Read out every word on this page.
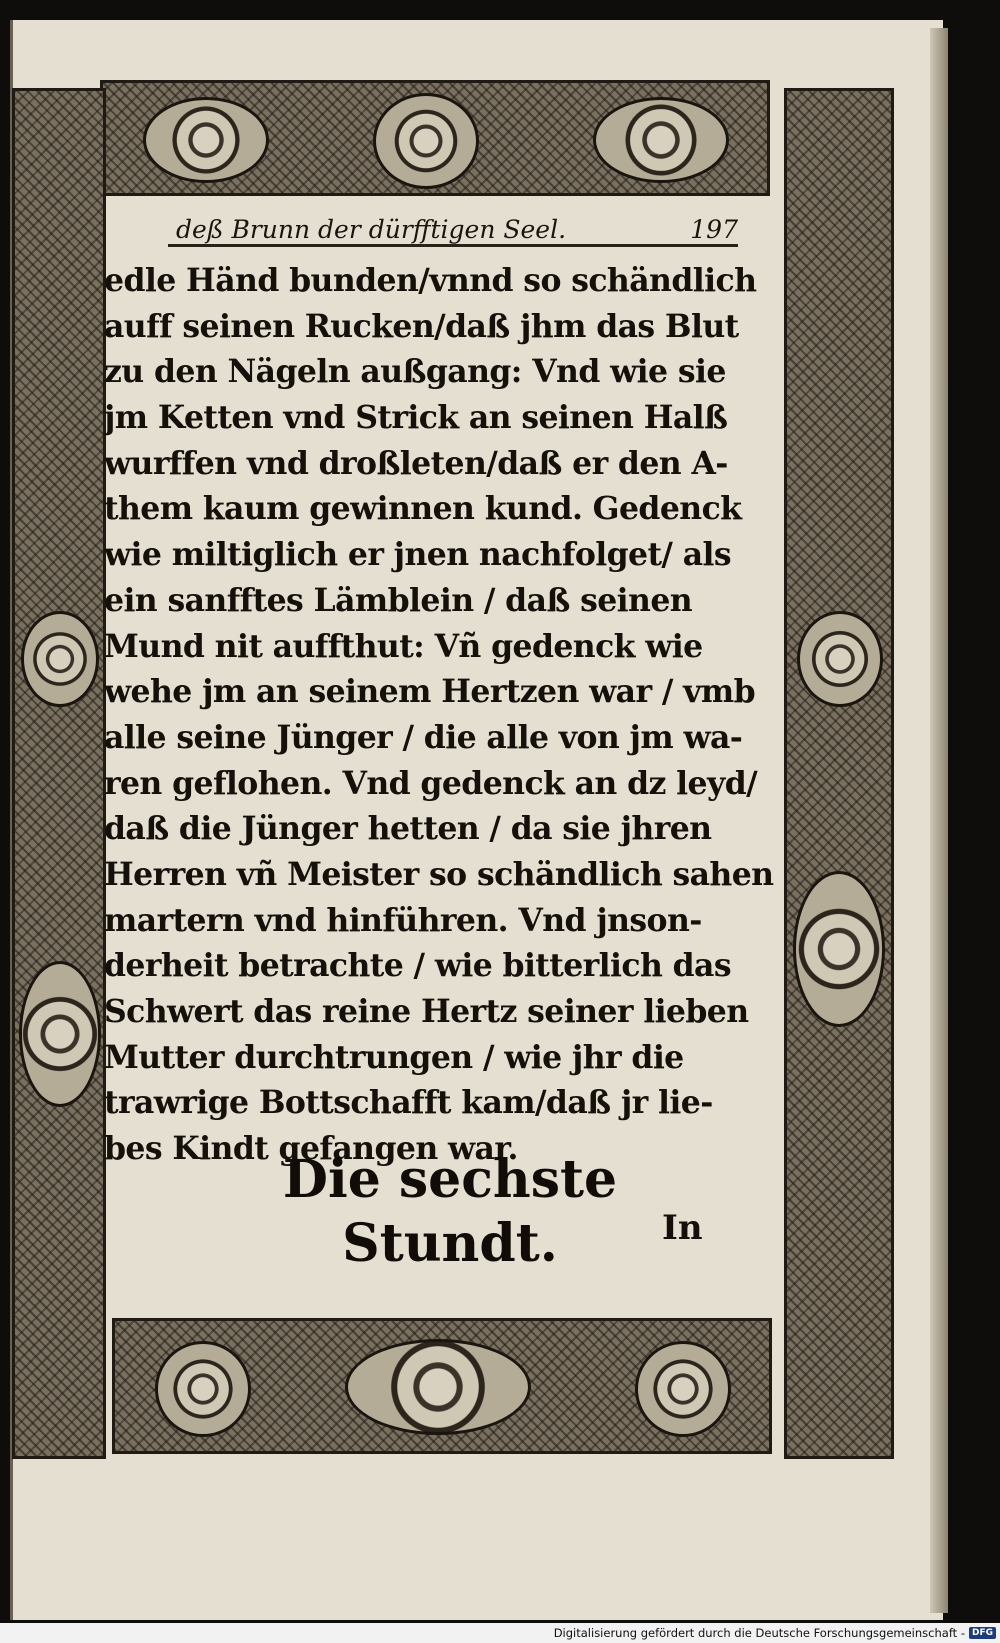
deß Brunn der dürfftigen Seel.	197
edle Händ bunden/vnnd so schändlich
auff seinen Rucken/daß jhm das Blut
zu den Nägeln außgang: Vnd wie sie
jm Ketten vnd Strick an seinen Halß
wurffen vnd droßleten/daß er den A-
them kaum gewinnen kund. Gedenck
wie miltiglich er jnen nachfolget/ als
ein sanfftes Lämblein / daß seinen
Mund nit auffthut: Vñ gedenck wie
wehe jm an seinem Hertzen war / vmb
alle seine Jünger / die alle von jm wa-
ren geflohen. Vnd gedenck an dz leyd/
daß die Jünger hetten / da sie jhren
Herren vñ Meister so schändlich sahen
martern vnd hinführen. Vnd jnson-
derheit betrachte / wie bitterlich das
Schwert das reine Hertz seiner lieben
Mutter durchtrungen / wie jhr die
trawrige Bottschafft kam/daß jr lie-
bes Kindt gefangen war.
Die sechste Stundt.	In
Digitalisierung gefördert durch die Deutsche Forschungsgemeinschaft - DFG
